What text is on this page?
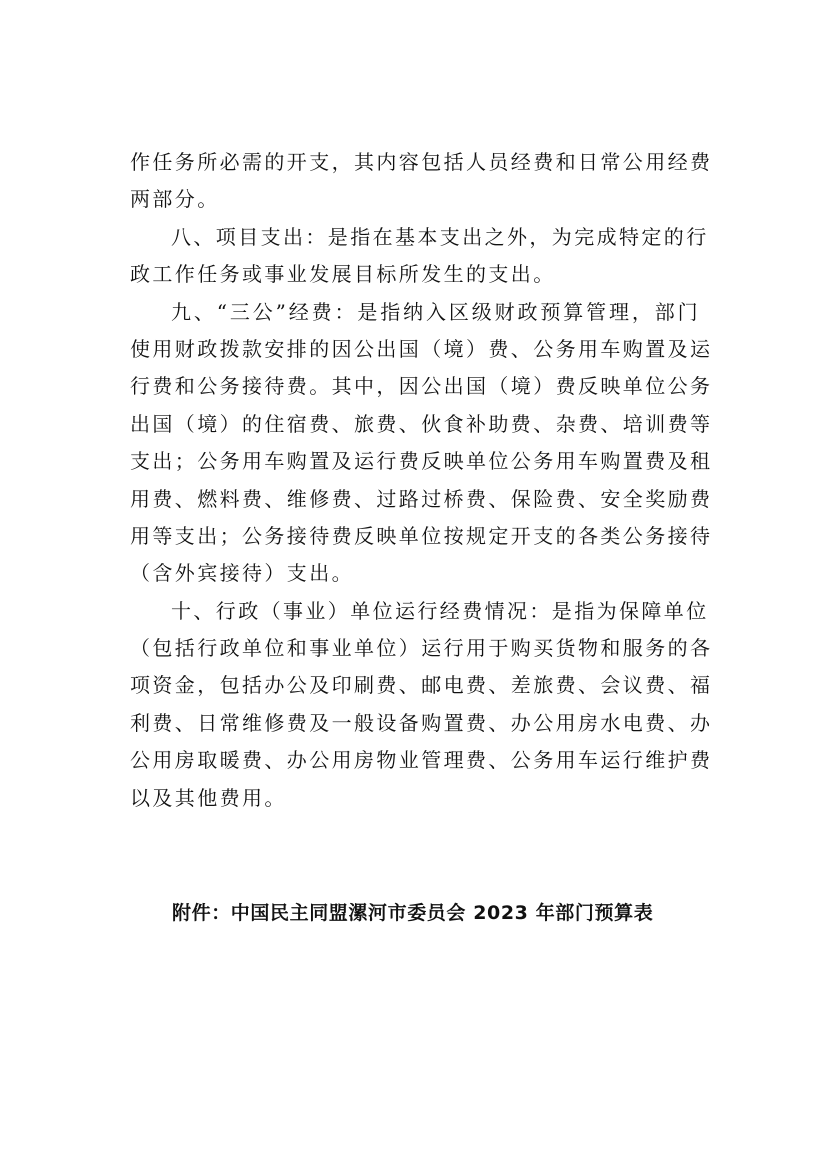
作任务所必需的开支，其内容包括人员经费和日常公用经费
两部分。
八、项目支出：是指在基本支出之外，为完成特定的行
政工作任务或事业发展目标所发生的支出。
九、“三公”经费：是指纳入区级财政预算管理，部门
使用财政拨款安排的因公出国（境）费、公务用车购置及运
行费和公务接待费。其中，因公出国（境）费反映单位公务
出国（境）的住宿费、旅费、伙食补助费、杂费、培训费等
支出；公务用车购置及运行费反映单位公务用车购置费及租
用费、燃料费、维修费、过路过桥费、保险费、安全奖励费
用等支出；公务接待费反映单位按规定开支的各类公务接待
（含外宾接待）支出。
十、行政（事业）单位运行经费情况：是指为保障单位
（包括行政单位和事业单位）运行用于购买货物和服务的各
项资金，包括办公及印刷费、邮电费、差旅费、会议费、福
利费、日常维修费及一般设备购置费、办公用房水电费、办
公用房取暖费、办公用房物业管理费、公务用车运行维护费
以及其他费用。
附件：中国民主同盟漯河市委员会 2023 年部门预算表
